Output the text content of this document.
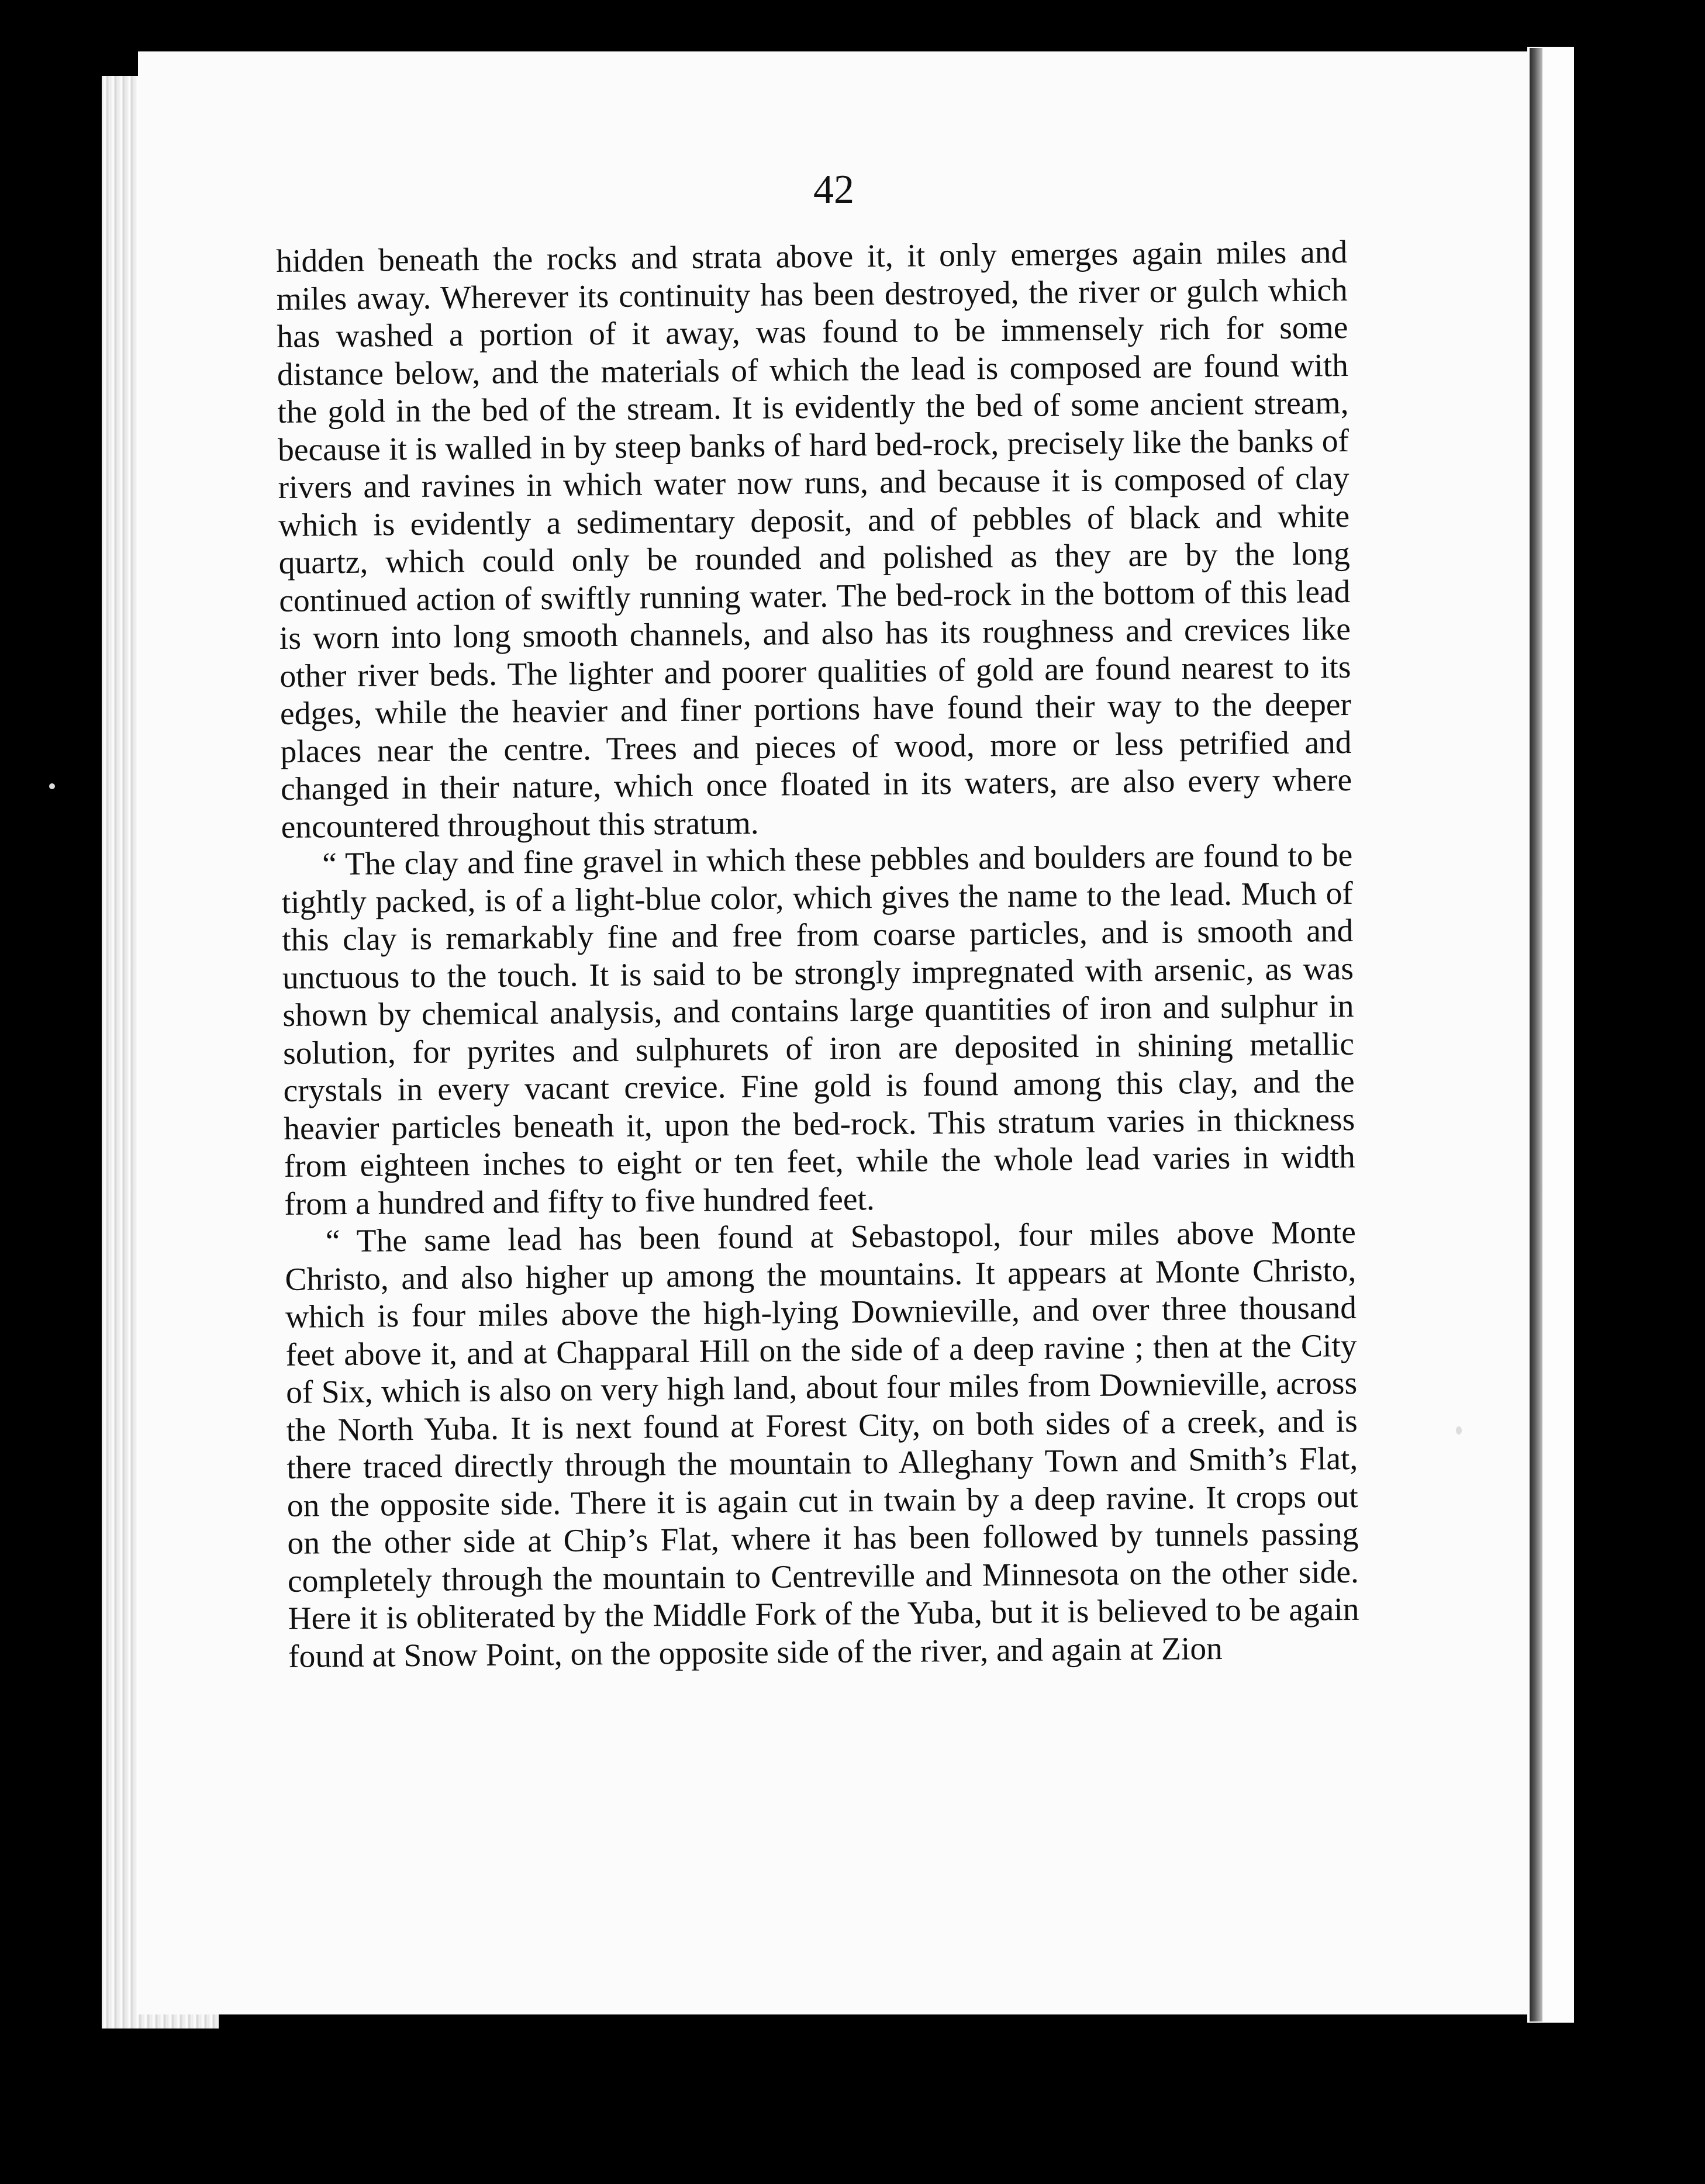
42

hidden beneath the rocks and strata above it, it only emerges again miles and miles away. Wherever its continuity has been destroyed, the river or gulch which has washed a portion of it away, was found to be immensely rich for some distance below, and the materials of which the lead is composed are found with the gold in the bed of the stream. It is evidently the bed of some ancient stream, because it is walled in by steep banks of hard bed-rock, precisely like the banks of rivers and ravines in which water now runs, and because it is composed of clay which is evidently a sedimentary deposit, and of pebbles of black and white quartz, which could only be rounded and polished as they are by the long continued action of swiftly running water. The bed-rock in the bottom of this lead is worn into long smooth channels, and also has its roughness and crevices like other river beds. The lighter and poorer qualities of gold are found nearest to its edges, while the heavier and finer portions have found their way to the deeper places near the centre. Trees and pieces of wood, more or less petrified and changed in their nature, which once floated in its waters, are also every where encountered throughout this stratum.

“ The clay and fine gravel in which these pebbles and boulders are found to be tightly packed, is of a light-blue color, which gives the name to the lead. Much of this clay is remarkably fine and free from coarse particles, and is smooth and unctuous to the touch. It is said to be strongly impregnated with arsenic, as was shown by chemical analysis, and contains large quantities of iron and sulphur in solution, for pyrites and sulphurets of iron are deposited in shining metallic crystals in every vacant crevice. Fine gold is found among this clay, and the heavier particles beneath it, upon the bed-rock. This stratum varies in thickness from eighteen inches to eight or ten feet, while the whole lead varies in width from a hundred and fifty to five hundred feet.

“ The same lead has been found at Sebastopol, four miles above Monte Christo, and also higher up among the mountains. It appears at Monte Christo, which is four miles above the high-lying Downieville, and over three thousand feet above it, and at Chapparal Hill on the side of a deep ravine ; then at the City of Six, which is also on very high land, about four miles from Downieville, across the North Yuba. It is next found at Forest City, on both sides of a creek, and is there traced directly through the mountain to Alleghany Town and Smith’s Flat, on the opposite side. There it is again cut in twain by a deep ravine. It crops out on the other side at Chip’s Flat, where it has been followed by tunnels passing completely through the mountain to Centreville and Minnesota on the other side. Here it is obliterated by the Middle Fork of the Yuba, but it is believed to be again found at Snow Point, on the opposite side of the river, and again at Zion
